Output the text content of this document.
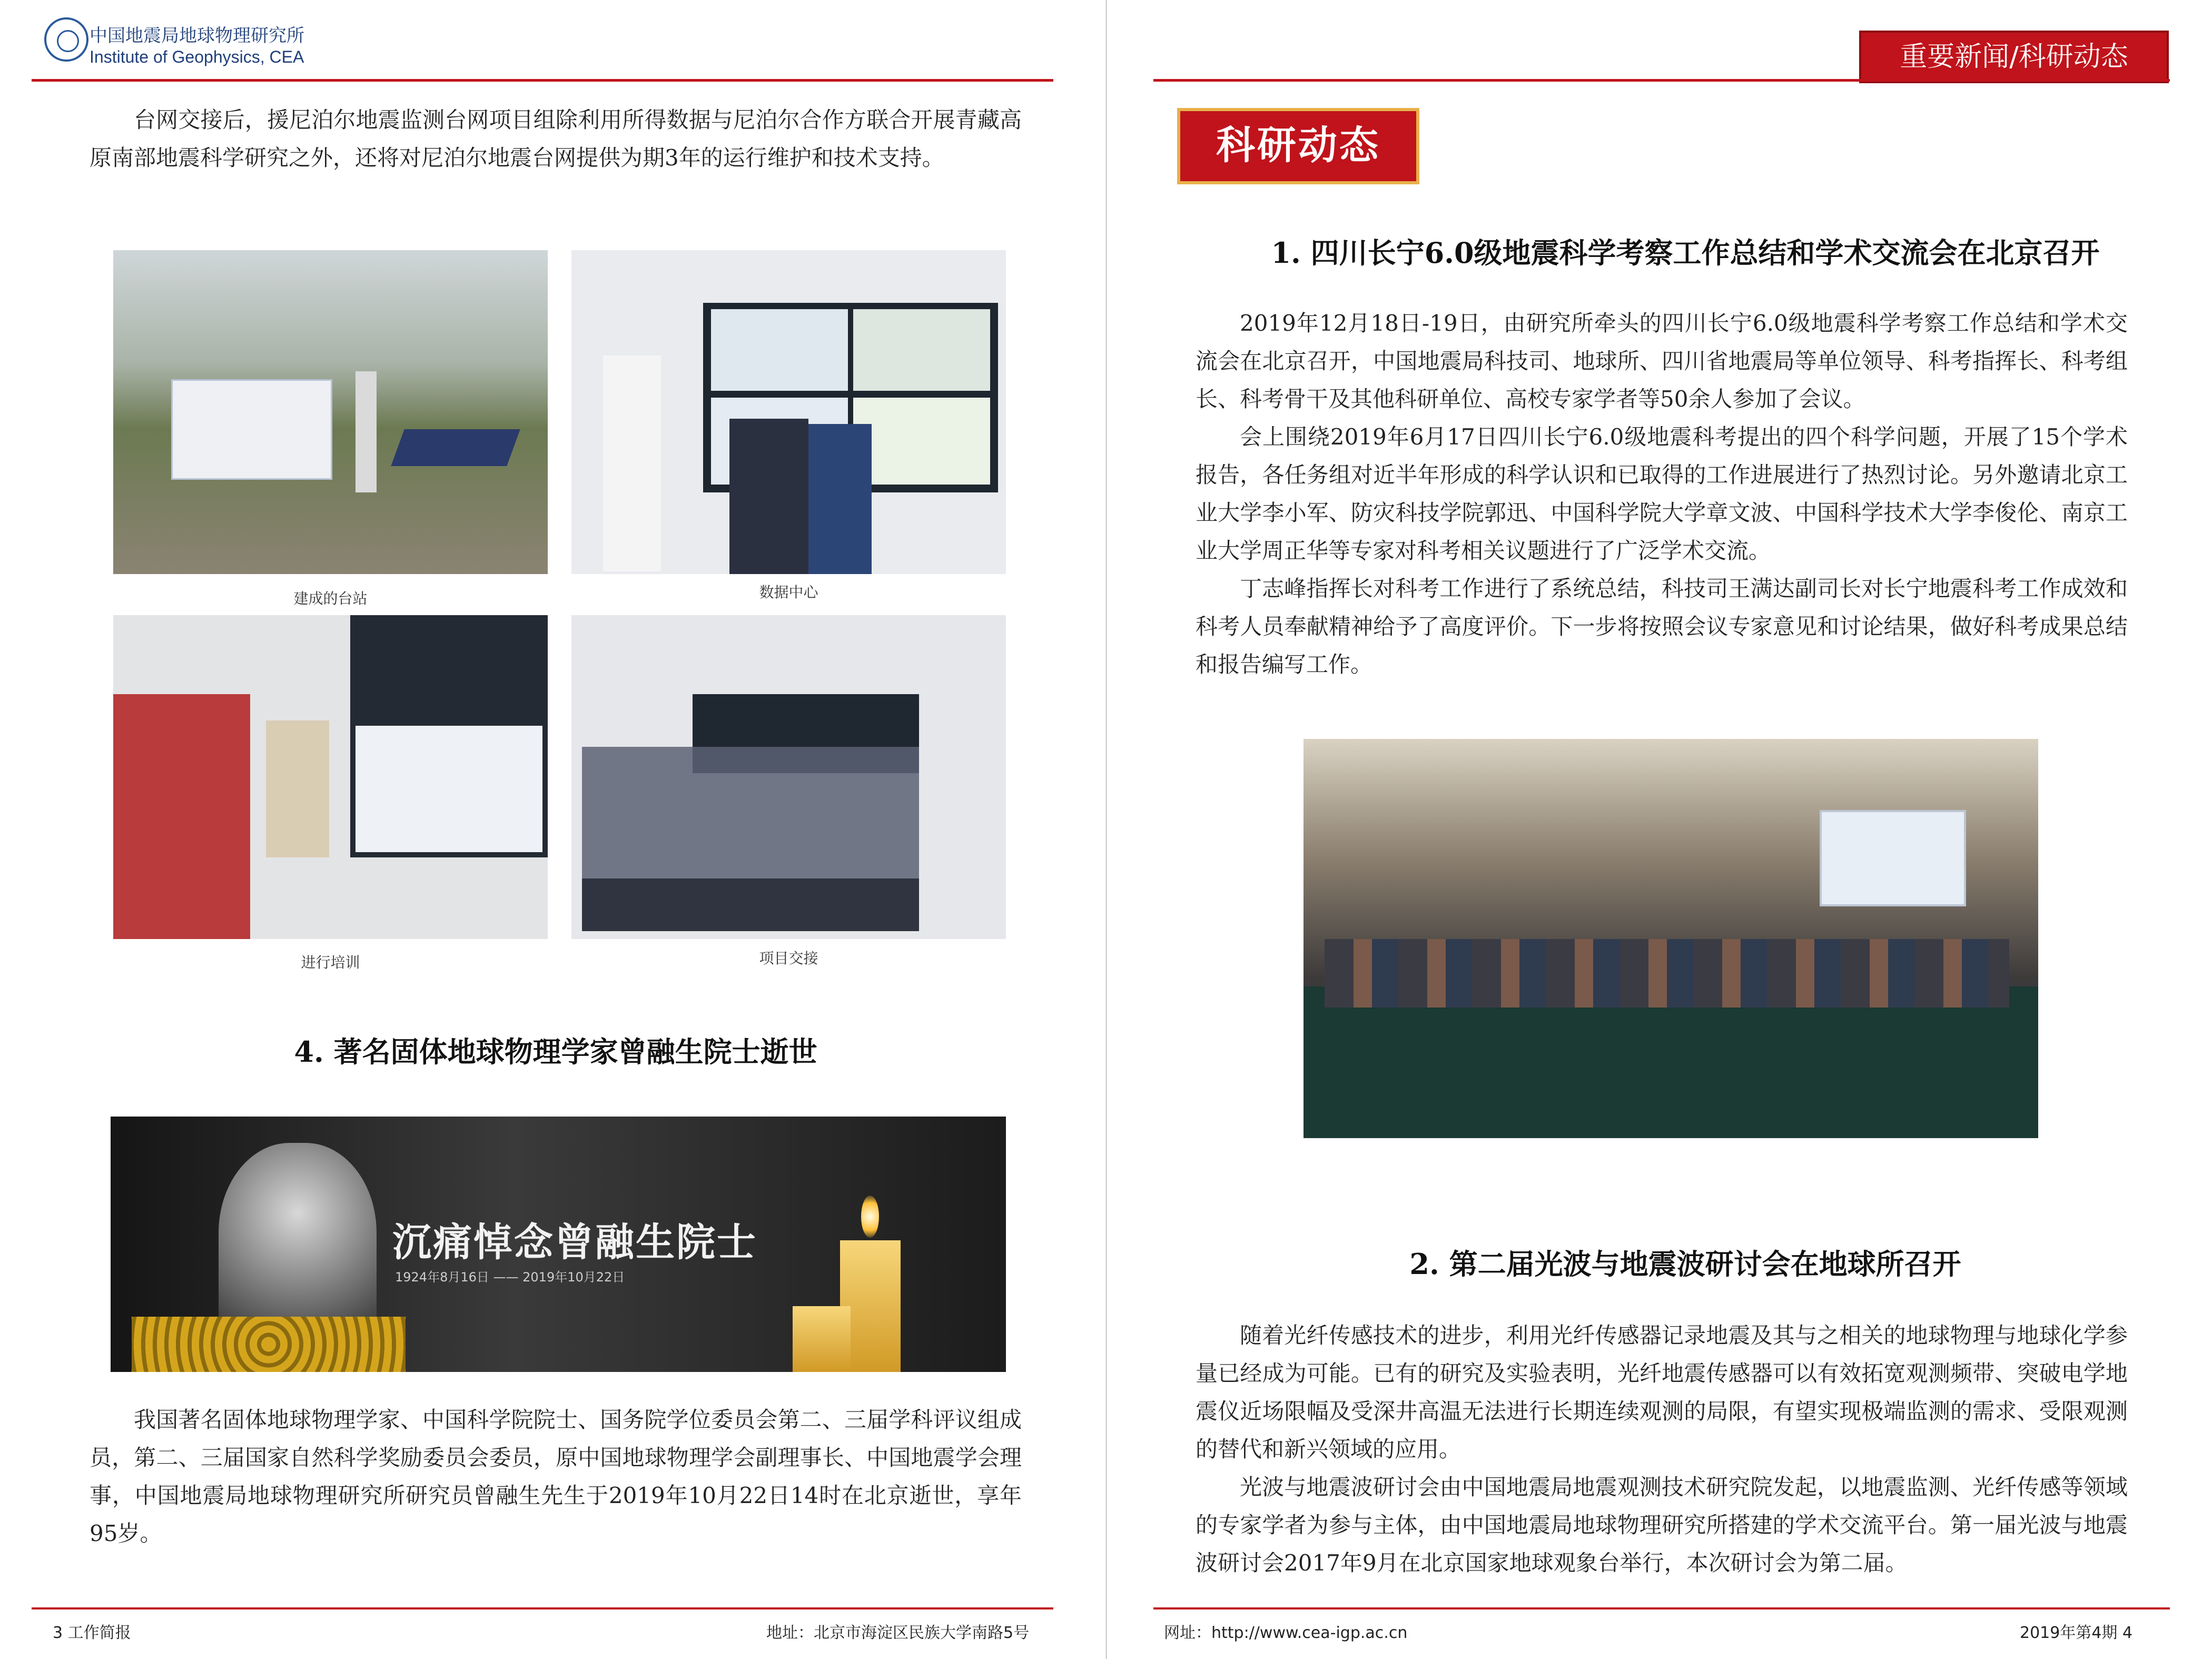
中国地震局地球物理研究所
Institute of Geophysics, CEA
台网交接后，援尼泊尔地震监测台网项目组除利用所得数据与尼泊尔合作方联合开展青藏高原南部地震科学研究之外，还将对尼泊尔地震台网提供为期3年的运行维护和技术支持。
建成的台站	数据中心
进行培训	项目交接
4. 著名固体地球物理学家曾融生院士逝世
沉痛悼念曾融生院士
1924年8月16日 —— 2019年10月22日
我国著名固体地球物理学家、中国科学院院士、国务院学位委员会第二、三届学科评议组成员，第二、三届国家自然科学奖励委员会委员，原中国地球物理学会副理事长、中国地震学会理事，中国地震局地球物理研究所研究员曾融生先生于2019年10月22日14时在北京逝世，享年95岁。
3 工作简报	地址：北京市海淀区民族大学南路5号
重要新闻/科研动态
科研动态
1. 四川长宁6.0级地震科学考察工作总结和学术交流会在北京召开
2019年12月18日-19日，由研究所牵头的四川长宁6.0级地震科学考察工作总结和学术交流会在北京召开，中国地震局科技司、地球所、四川省地震局等单位领导、科考指挥长、科考组长、科考骨干及其他科研单位、高校专家学者等50余人参加了会议。
会上围绕2019年6月17日四川长宁6.0级地震科考提出的四个科学问题，开展了15个学术报告，各任务组对近半年形成的科学认识和已取得的工作进展进行了热烈讨论。另外邀请北京工业大学李小军、防灾科技学院郭迅、中国科学院大学章文波、中国科学技术大学李俊伦、南京工业大学周正华等专家对科考相关议题进行了广泛学术交流。
丁志峰指挥长对科考工作进行了系统总结，科技司王满达副司长对长宁地震科考工作成效和科考人员奉献精神给予了高度评价。下一步将按照会议专家意见和讨论结果，做好科考成果总结和报告编写工作。
2. 第二届光波与地震波研讨会在地球所召开
随着光纤传感技术的进步，利用光纤传感器记录地震及其与之相关的地球物理与地球化学参量已经成为可能。已有的研究及实验表明，光纤地震传感器可以有效拓宽观测频带、突破电学地震仪近场限幅及受深井高温无法进行长期连续观测的局限，有望实现极端监测的需求、受限观测的替代和新兴领域的应用。
光波与地震波研讨会由中国地震局地震观测技术研究院发起，以地震监测、光纤传感等领域的专家学者为参与主体，由中国地震局地球物理研究所搭建的学术交流平台。第一届光波与地震波研讨会2017年9月在北京国家地球观象台举行，本次研讨会为第二届。
网址：http://www.cea-igp.ac.cn	2019年第4期 4
